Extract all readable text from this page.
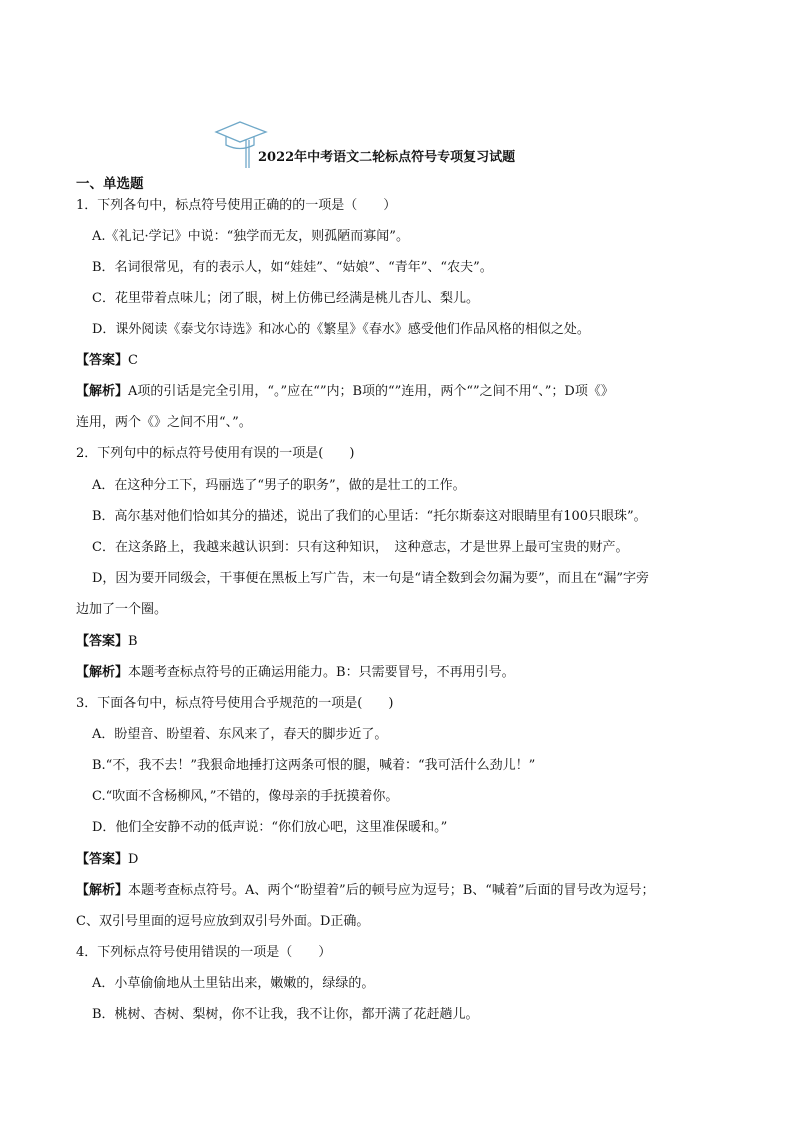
2022年中考语文二轮标点符号专项复习试题
一、单选题
1．下列各句中，标点符号使用正确的的一项是（　　）
A.《礼记·学记》中说：“独学而无友，则孤陋而寡闻”。
B．名词很常见，有的表示人，如“娃娃”、“姑娘”、“青年”、“农夫”。
C．花里带着点味儿；闭了眼，树上仿佛已经满是桃儿杏儿、梨儿。
D．课外阅读《泰戈尔诗选》和冰心的《繁星》《春水》感受他们作品风格的相似之处。
【答案】C
【解析】A项的引话是完全引用，“。”应在“”内；B项的“”连用，两个“”之间不用“、”；D项《》
连用，两个《》之间不用“、”。
2．下列句中的标点符号使用有误的一项是(　　)
A．在这种分工下，玛丽选了“男子的职务”，做的是壮工的工作。
B．高尔基对他们恰如其分的描述，说出了我们的心里话：“托尔斯泰这对眼睛里有100只眼珠”。
C．在这条路上，我越来越认识到：只有这种知识，　这种意志，才是世界上最可宝贵的财产。
D，因为要开同级会，干事便在黑板上写广告，末一句是“请全数到会勿漏为要”，而且在“漏”字旁
边加了一个圈。
【答案】B
【解析】本题考查标点符号的正确运用能力。B：只需要冒号，不再用引号。
3．下面各句中，标点符号使用合乎规范的一项是(　　)
A．盼望音、盼望着、东风来了，春天的脚步近了。
B.“不，我不去！”我狠命地捶打这两条可恨的腿，喊着：“我可活什么劲儿！”
C.“吹面不含杨柳风，”不错的，像母亲的手抚摸着你。
D．他们全安静不动的低声说：“你们放心吧，这里准保暖和。”
【答案】D
【解析】本题考查标点符号。A、两个“盼望着”后的顿号应为逗号；B、“喊着”后面的冒号改为逗号；
C、双引号里面的逗号应放到双引号外面。D正确。
4．下列标点符号使用错误的一项是（　　）
A．小草偷偷地从土里钻出来，嫩嫩的，绿绿的。
B．桃树、杏树、梨树，你不让我，我不让你，都开满了花赶趟儿。
